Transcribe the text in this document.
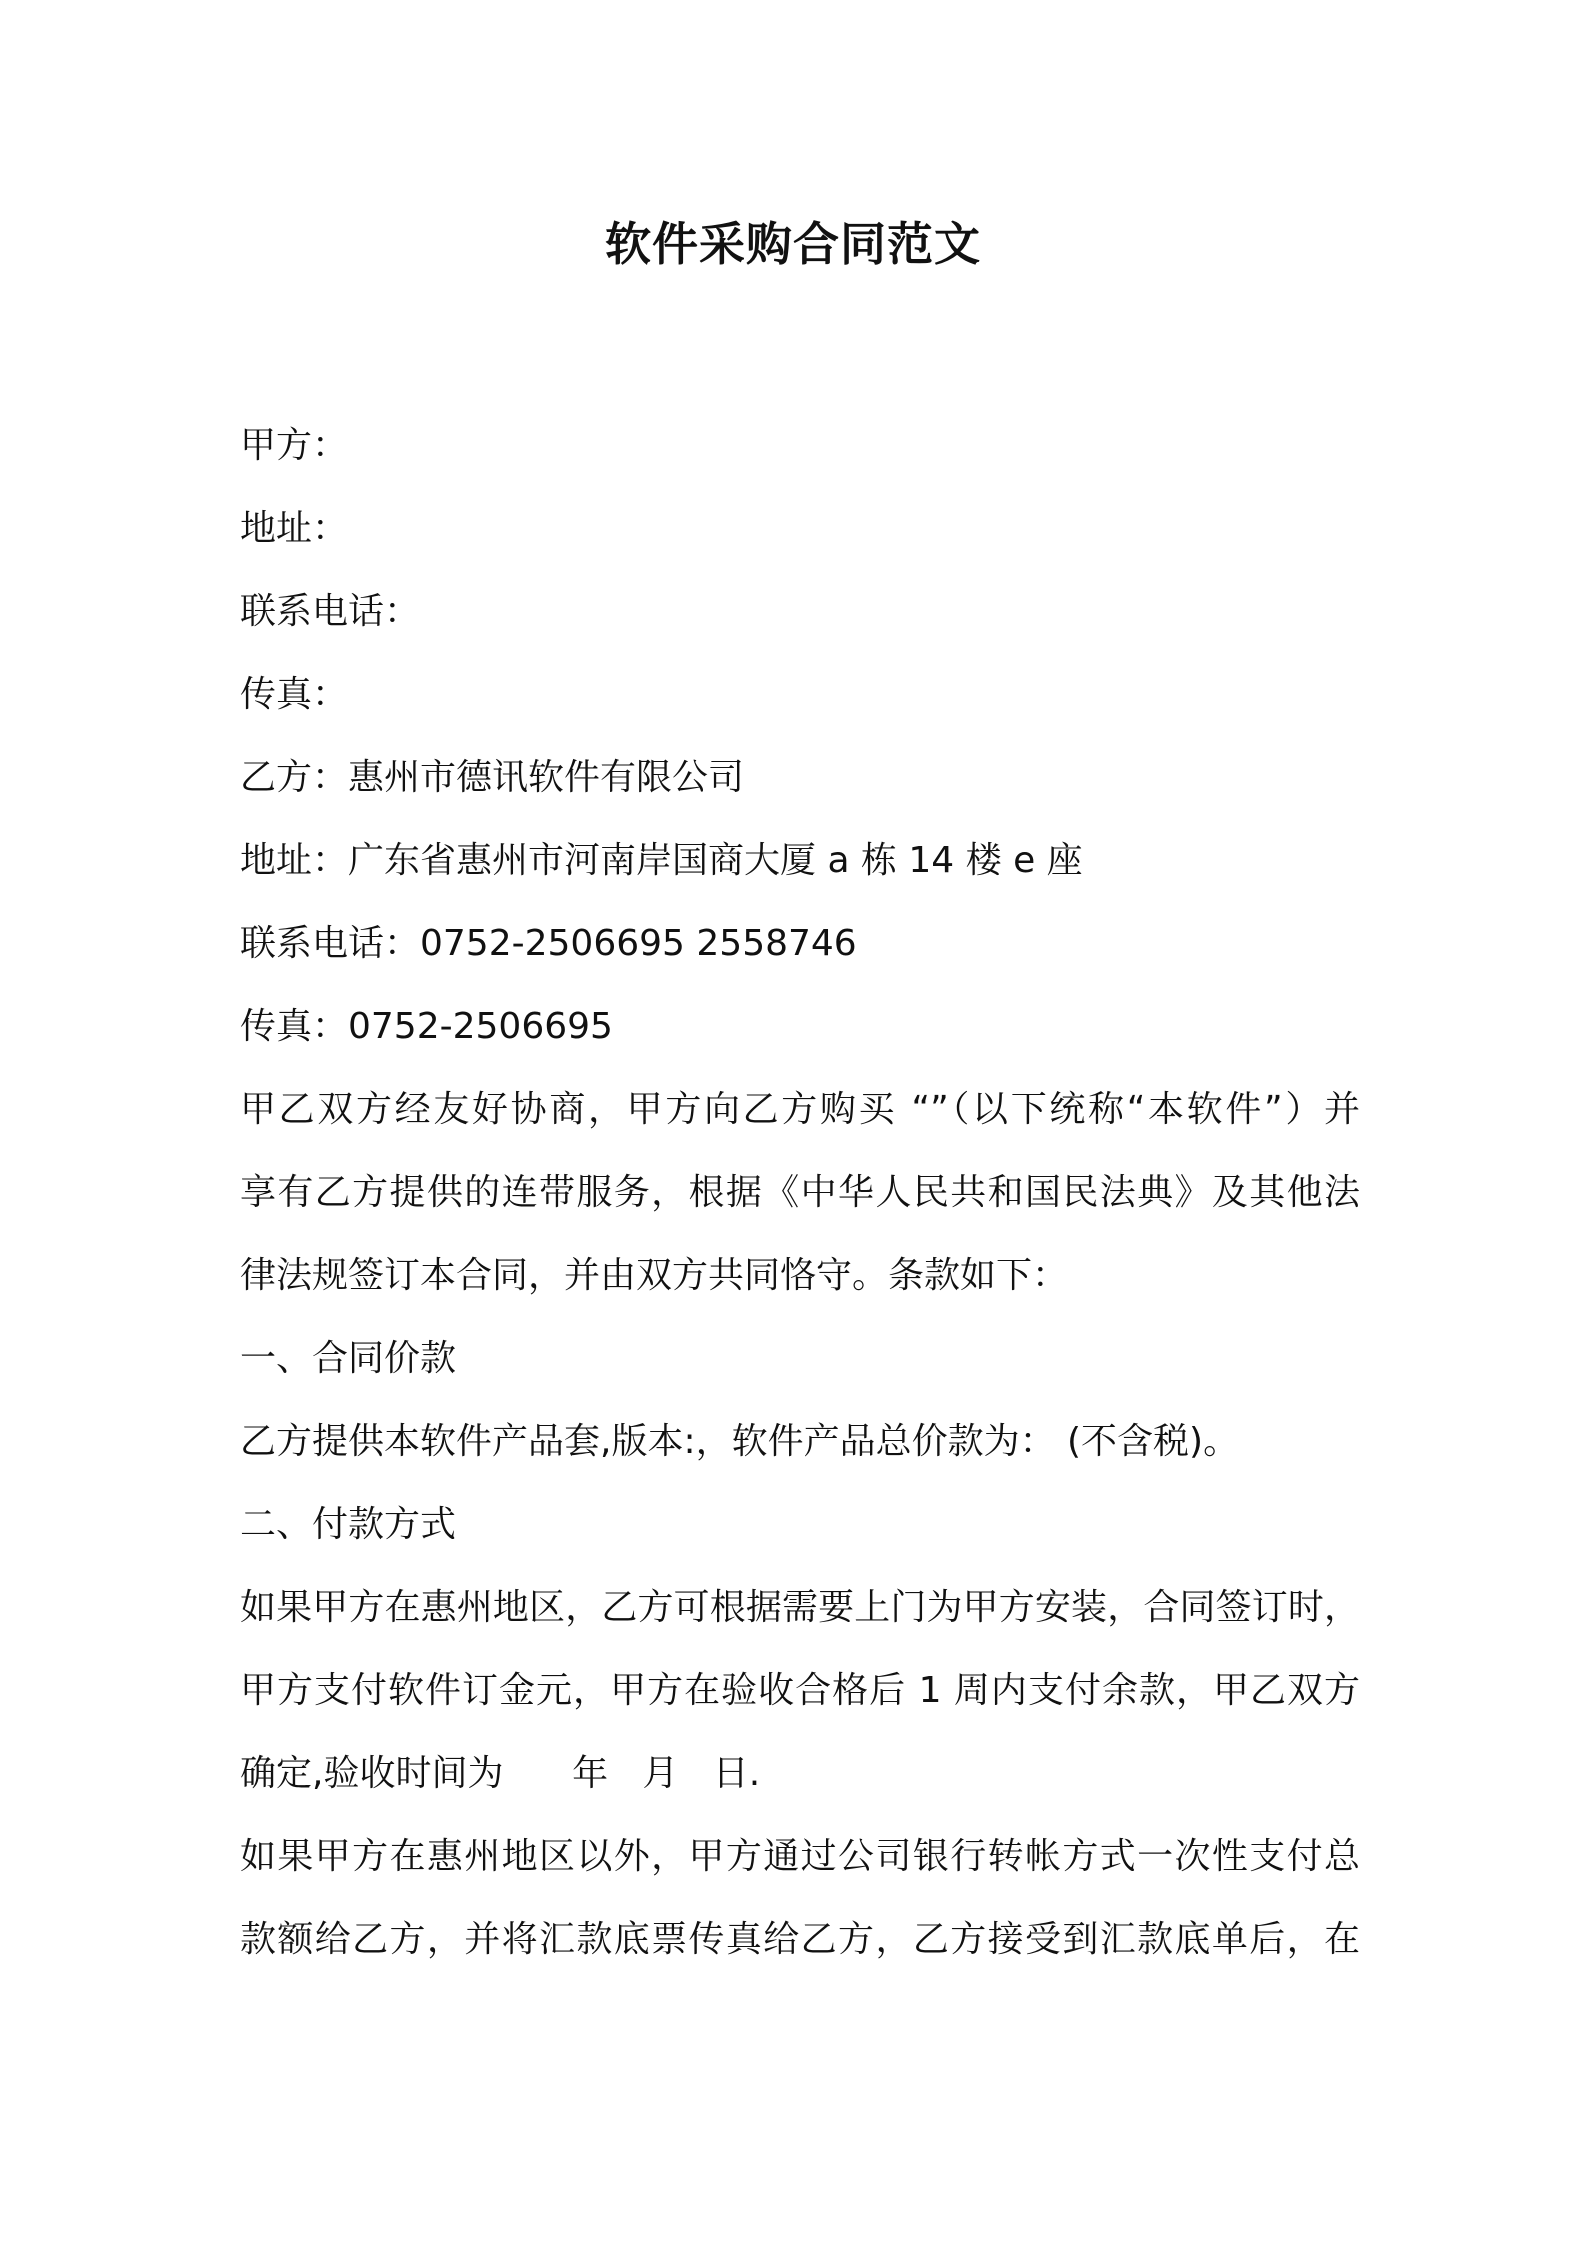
软件采购合同范文
甲方：
地址：
联系电话：
传真：
乙方：惠州市德讯软件有限公司
地址：广东省惠州市河南岸国商大厦 a 栋 14 楼 e 座
联系电话：0752-2506695 2558746
传真：0752-2506695
甲乙双方经友好协商，甲方向乙方购买 “”（以下统称“本软件”）并
享有乙方提供的连带服务，根据《中华人民共和国民法典》及其他法
律法规签订本合同，并由双方共同恪守。条款如下：
一、合同价款
乙方提供本软件产品套,版本:，软件产品总价款为： (不含税)。
二、付款方式
如果甲方在惠州地区，乙方可根据需要上门为甲方安装，合同签订时，
甲方支付软件订金元，甲方在验收合格后 1 周内支付余款，甲乙双方
确定,验收时间为      年   月   日.
如果甲方在惠州地区以外，甲方通过公司银行转帐方式一次性支付总
款额给乙方，并将汇款底票传真给乙方，乙方接受到汇款底单后，在
